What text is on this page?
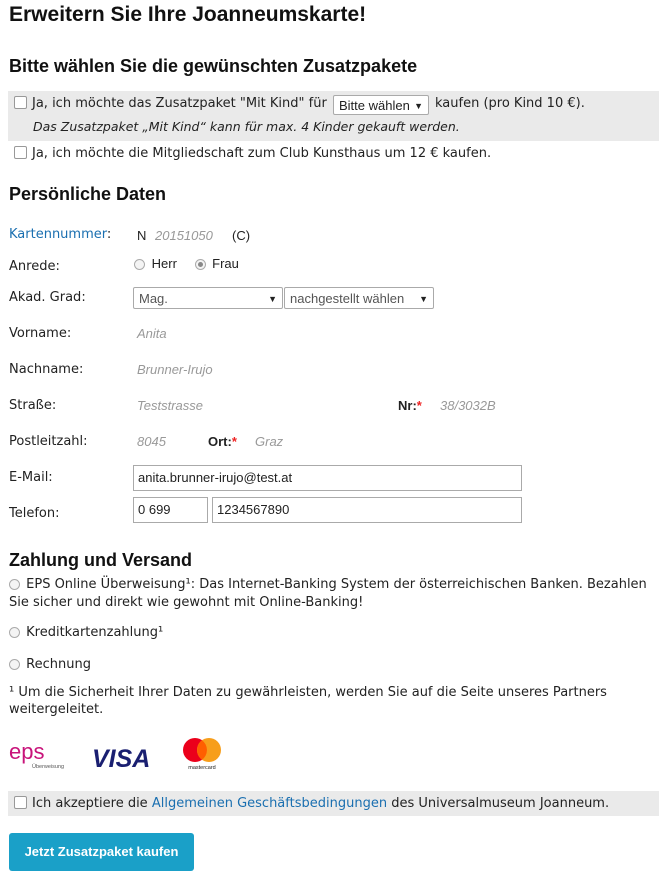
Erweitern Sie Ihre Joanneumskarte!
Bitte wählen Sie die gewünschten Zusatzpakete
Ja, ich möchte das Zusatzpaket "Mit Kind" für Bitte wählen ▼ kaufen (pro Kind 10 €).
Das Zusatzpaket „Mit Kind“ kann für max. 4 Kinder gekauft werden.
Ja, ich möchte die Mitgliedschaft zum Club Kunsthaus um 12 € kaufen.
Persönliche Daten
Kartennummer: N 20151050 (C)
Anrede:	Herr	Frau
Akad. Grad:	Mag.	▼	nachgestellt wählen ▼
Vorname:	Anita
Nachname:	Brunner-Irujo
Straße:	Teststrasse	Nr:* 38/3032B
Postleitzahl:	8045	Ort:* Graz
E-Mail:	anita.brunner-irujo@test.at
Telefon:	0 699	1234567890
Zahlung und Versand
EPS Online Überweisung¹: Das Internet-Banking System der österreichischen Banken. Bezahlen Sie sicher und direkt wie gewohnt mit Online-Banking!
Kreditkartenzahlung¹
Rechnung
¹ Um die Sicherheit Ihrer Daten zu gewährleisten, werden Sie auf die Seite unseres Partners weitergeleitet.
eps
Überweisung VISA	mastercard
Ich akzeptiere die Allgemeinen Geschäftsbedingungen des Universalmuseum Joanneum.
Jetzt Zusatzpaket kaufen
